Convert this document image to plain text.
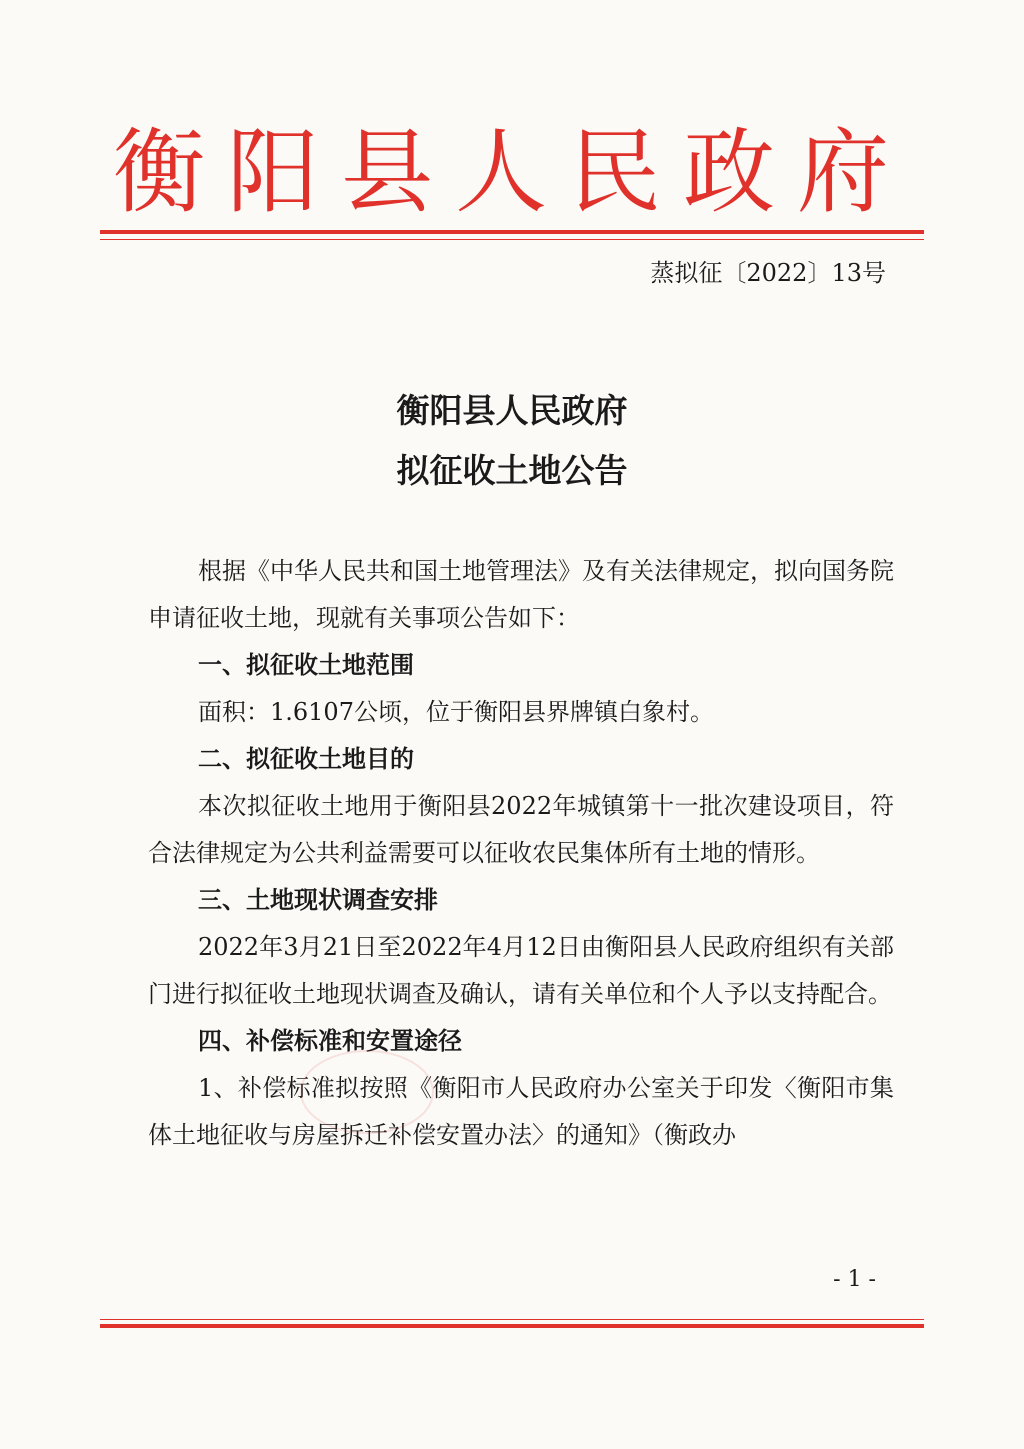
衡阳县人民政府
蒸拟征〔2022〕13号
衡阳县人民政府
拟征收土地公告

根据《中华人民共和国土地管理法》及有关法律规定，拟向国务院申请征收土地，现就有关事项公告如下：

一、拟征收土地范围

面积：1.6107公顷，位于衡阳县界牌镇白象村。

二、拟征收土地目的

本次拟征收土地用于衡阳县2022年城镇第十一批次建设项目，符合法律规定为公共利益需要可以征收农民集体所有土地的情形。

三、土地现状调查安排

2022年3月21日至2022年4月12日由衡阳县人民政府组织有关部门进行拟征收土地现状调查及确认，请有关单位和个人予以支持配合。

四、补偿标准和安置途径

1、补偿标准拟按照《衡阳市人民政府办公室关于印发〈衡阳市集体土地征收与房屋拆迁补偿安置办法〉的通知》（衡政办

- 1 -
